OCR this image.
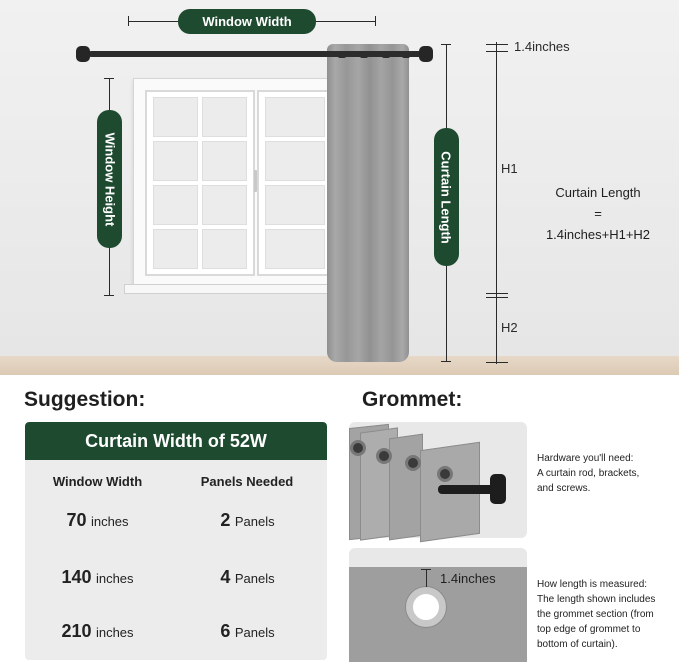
Window Width
Window Height	Curtain Length
1.4inches
H1
H2
Curtain Length
=
1.4inches+H1+H2
Suggestion:
Curtain Width of 52W
Window Width	Panels Needed
70 inches	2 Panels
140 inches	4 Panels
210 inches	6 Panels
Grommet:
Hardware you'll need:
A curtain rod, brackets,
and screws.
1.4inches	How length is measured:
The length shown includes
the grommet section (from
top edge of grommet to
bottom of curtain).
